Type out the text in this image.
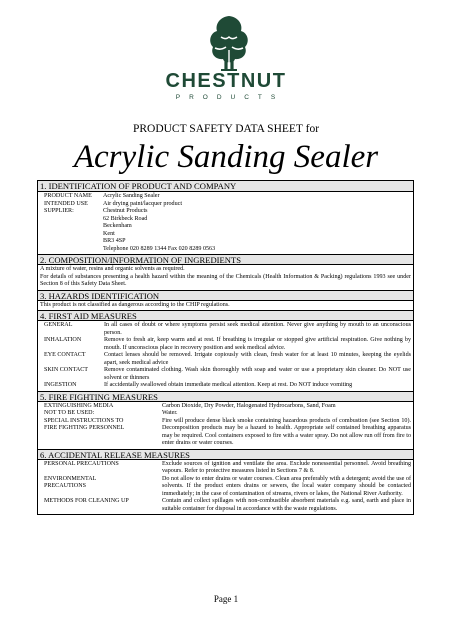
CHESTNUT
PRODUCTS
PRODUCT SAFETY DATA SHEET for
Acrylic Sanding Sealer
1. IDENTIFICATION OF PRODUCT AND COMPANY
PRODUCT NAME	Acrylic Sanding Sealer
INTENDED USE	Air drying paint/lacquer product
SUPPLIER:	Chestnut Products
62 Birkbeck Road
Beckenham
Kent
BR3 4SP
Telephone 020 8289 1344 Fax 020 8289 0563
2. COMPOSITION/INFORMATION OF INGREDIENTS
A mixture of water, resins and organic solvents as required.
For details of substances presenting a health hazard within the meaning of the Chemicals (Health Information & Packing) regulations 1993 see under Section 8 of this Safety Data Sheet.
3. HAZARDS IDENTIFICATION
This product is not classified as dangerous according to the CHIP regulations.
4. FIRST AID MEASURES
GENERAL	In all cases of doubt or where symptoms persist seek medical attention. Never give anything by mouth to an unconscious person.
INHALATION	Remove to fresh air, keep warm and at rest. If breathing is irregular or stopped give artificial respiration. Give nothing by mouth. If unconscious place in recovery position and seek medical advice.
EYE CONTACT	Contact lenses should be removed. Irrigate copiously with clean, fresh water for at least 10 minutes, keeping the eyelids apart, seek medical advice
SKIN CONTACT	Remove contaminated clothing. Wash skin thoroughly with soap and water or use a proprietary skin cleaner. Do NOT use solvent or thinners
INGESTION	If accidentally swallowed obtain immediate medical attention. Keep at rest. Do NOT induce vomiting
5. FIRE FIGHTING MEASURES
EXTINGUISHING MEDIA	Carbon Dioxide, Dry Powder, Halogenated Hydrocarbons, Sand, Foam
NOT TO BE USED:	Water.
SPECIAL INSTRUCTIONS TO
FIRE FIGHTING PERSONNEL
Fire will produce dense black smoke containing hazardous products of combustion (see Section 10). Decomposition products may be a hazard to health. Appropriate self contained breathing apparatus may be required. Cool containers exposed to fire with a water spray. Do not allow run off from fire to enter drains or water courses.
6. ACCIDENTAL RELEASE MEASURES
PERSONAL PRECAUTIONS	Exclude sources of ignition and ventilate the area. Exclude nonessential personnel. Avoid breathing vapours. Refer to protective measures listed in Sections 7 & 8.
ENVIRONMENTAL
PRECAUTIONS
Do not allow to enter drains or water courses. Clean area preferably with a detergent; avoid the use of solvents. If the product enters drains or sewers, the local water company should be contacted immediately; in the case of contamination of streams, rivers or lakes, the National River Authority.
METHODS FOR CLEANING UP	Contain and collect spillages with non-combustible absorbent materials e.g. sand, earth and place in suitable container for disposal in accordance with the waste regulations.
Page 1
